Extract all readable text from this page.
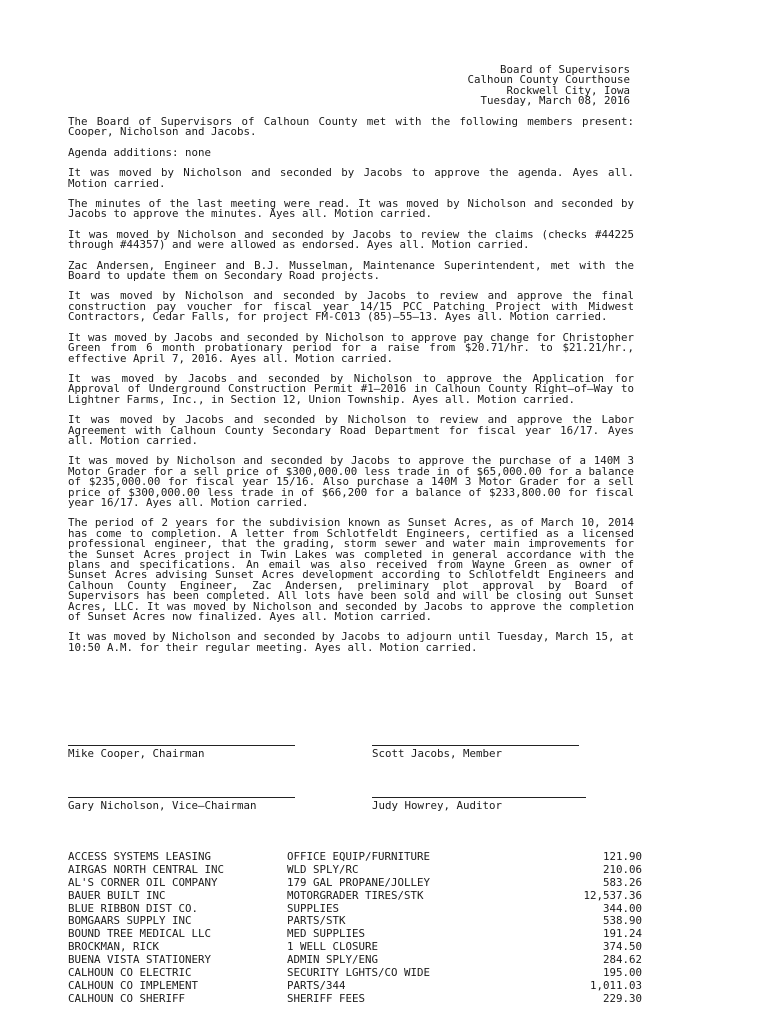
Board of Supervisors
Calhoun County Courthouse
Rockwell City, Iowa
Tuesday, March 08, 2016

The Board of Supervisors of Calhoun County met with the following members present: Cooper, Nicholson and Jacobs.

Agenda additions: none

It was moved by Nicholson and seconded by Jacobs to approve the agenda. Ayes all. Motion carried.

The minutes of the last meeting were read. It was moved by Nicholson and seconded by Jacobs to approve the minutes. Ayes all. Motion carried.

It was moved by Nicholson and seconded by Jacobs to review the claims (checks #44225 through #44357) and were allowed as endorsed. Ayes all. Motion carried.

Zac Andersen, Engineer and B.J. Musselman, Maintenance Superintendent, met with the Board to update them on Secondary Road projects.

It was moved by Nicholson and seconded by Jacobs to review and approve the final construction pay voucher for fiscal year 14/15 PCC Patching Project with Midwest Contractors, Cedar Falls, for project FM-C013 (85)—55—13. Ayes all. Motion carried.

It was moved by Jacobs and seconded by Nicholson to approve pay change for Christopher Green from 6 month probationary period for a raise from $20.71/hr. to $21.21/hr., effective April 7, 2016. Ayes all. Motion carried.

It was moved by Jacobs and seconded by Nicholson to approve the Application for Approval of Underground Construction Permit #1—2016 in Calhoun County Right—of—Way to Lightner Farms, Inc., in Section 12, Union Township. Ayes all. Motion carried.

It was moved by Jacobs and seconded by Nicholson to review and approve the Labor Agreement with Calhoun County Secondary Road Department for fiscal year 16/17. Ayes all. Motion carried.

It was moved by Nicholson and seconded by Jacobs to approve the purchase of a 140M 3 Motor Grader for a sell price of $300,000.00 less trade in of $65,000.00 for a balance of $235,000.00 for fiscal year 15/16. Also purchase a 140M 3 Motor Grader for a sell price of $300,000.00 less trade in of $66,200 for a balance of $233,800.00 for fiscal year 16/17. Ayes all. Motion carried.

The period of 2 years for the subdivision known as Sunset Acres, as of March 10, 2014 has come to completion. A letter from Schlotfeldt Engineers, certified as a licensed professional engineer, that the grading, storm sewer and water main improvements for the Sunset Acres project in Twin Lakes was completed in general accordance with the plans and specifications. An email was also received from Wayne Green as owner of Sunset Acres advising Sunset Acres development according to Schlotfeldt Engineers and Calhoun County Engineer, Zac Andersen, preliminary plot approval by Board of Supervisors has been completed. All lots have been sold and will be closing out Sunset Acres, LLC. It was moved by Nicholson and seconded by Jacobs to approve the completion of Sunset Acres now finalized. Ayes all. Motion carried.

It was moved by Nicholson and seconded by Jacobs to adjourn until Tuesday, March 15, at 10:50 A.M. for their regular meeting. Ayes all. Motion carried.

Mike Cooper, Chairman	Scott Jacobs, Member
Gary Nicholson, Vice—Chairman	Judy Howrey, Auditor
ACCESS SYSTEMS LEASING	OFFICE EQUIP/FURNITURE	121.90
AIRGAS NORTH CENTRAL INC	WLD SPLY/RC	210.06
AL'S CORNER OIL COMPANY	179 GAL PROPANE/JOLLEY	583.26
BAUER BUILT INC	MOTORGRADER TIRES/STK	12,537.36
BLUE RIBBON DIST CO.	SUPPLIES	344.00
BOMGAARS SUPPLY INC	PARTS/STK	538.90
BOUND TREE MEDICAL LLC	MED SUPPLIES	191.24
BROCKMAN, RICK	1 WELL CLOSURE	374.50
BUENA VISTA STATIONERY	ADMIN SPLY/ENG	284.62
CALHOUN CO ELECTRIC	SECURITY LGHTS/CO WIDE	195.00
CALHOUN CO IMPLEMENT	PARTS/344	1,011.03
CALHOUN CO SHERIFF	SHERIFF FEES	229.30
